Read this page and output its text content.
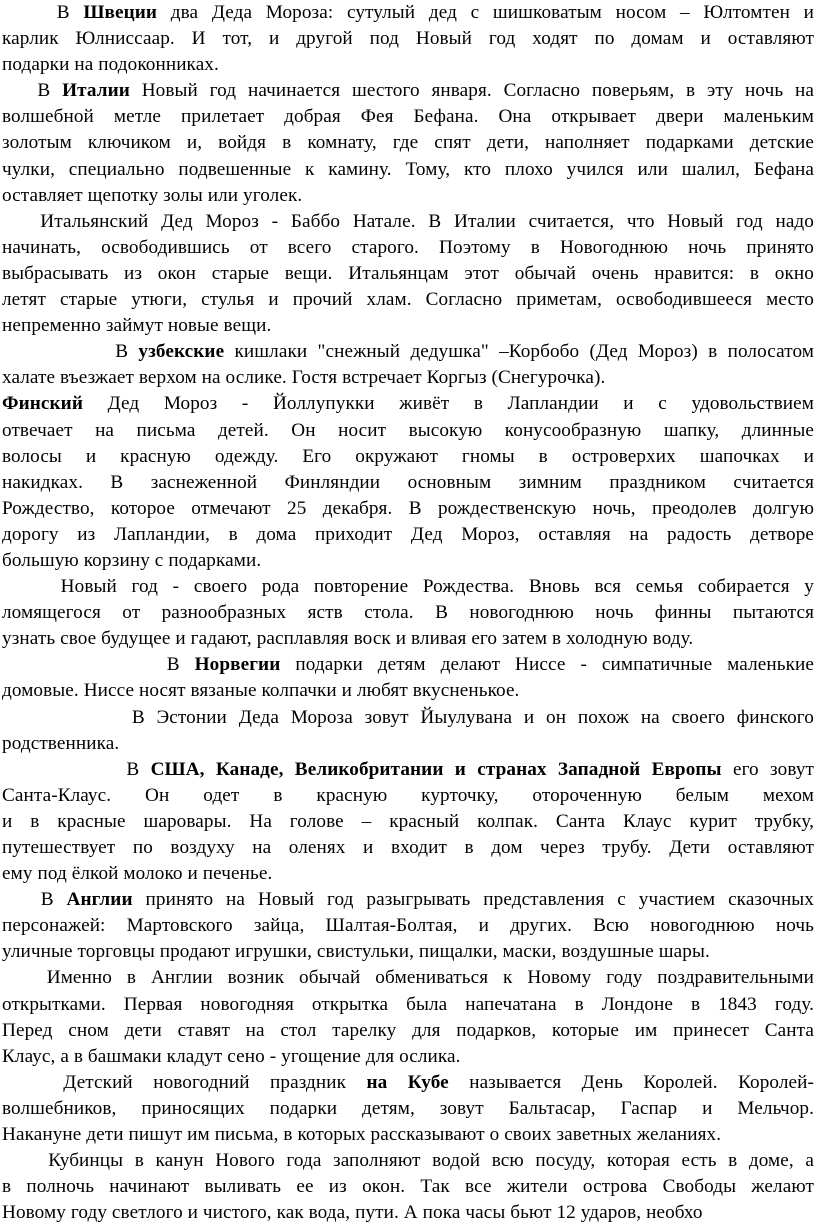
В Швеции два Деда Мороза: сутулый дед с шишковатым носом – Юлтомтен и
карлик Юлниссаар. И тот, и другой под Новый год ходят по домам и оставляют
подарки на подоконниках.
В Италии Новый год начинается шестого января. Согласно поверьям, в эту ночь на
волшебной метле прилетает добрая Фея Бефана. Она открывает двери маленьким
золотым ключиком и, войдя в комнату, где спят дети, наполняет подарками детские
чулки, специально подвешенные к камину. Тому, кто плохо учился или шалил, Бефана
оставляет щепотку золы или уголек.
Итальянский Дед Мороз - Баббо Натале. В Италии считается, что Новый год надо
начинать, освободившись от всего старого. Поэтому в Новогоднюю ночь принято
выбрасывать из окон старые вещи. Итальянцам этот обычай очень нравится: в окно
летят старые утюги, стулья и прочий хлам. Согласно приметам, освободившееся место
непременно займут новые вещи.
В узбекские кишлаки "снежный дедушка" –Корбобо (Дед Мороз) в полосатом
халате въезжает верхом на ослике. Гостя встречает Коргыз (Снегурочка).
Финский Дед Мороз - Йоллупукки живёт в Лапландии и с удовольствием
отвечает на письма детей. Он носит высокую конусообразную шапку, длинные
волосы и красную одежду. Его окружают гномы в островерхих шапочках и
накидках. В заснеженной Финляндии основным зимним праздником считается
Рождество, которое отмечают 25 декабря. В рождественскую ночь, преодолев долгую
дорогу из Лапландии, в дома приходит Дед Мороз, оставляя на радость детворе
большую корзину с подарками.
Новый год - своего рода повторение Рождества. Вновь вся семья собирается у
ломящегося от разнообразных яств стола. В новогоднюю ночь финны пытаются
узнать свое будущее и гадают, расплавляя воск и вливая его затем в холодную воду.
В Норвегии подарки детям делают Ниссе - симпатичные маленькие
домовые. Ниссе носят вязаные колпачки и любят вкусненькое.
В Эстонии Деда Мороза зовут Йыулувана и он похож на своего финского
родственника.
В США, Канаде, Великобритании и странах Западной Европы его зовут
Санта-Клаус. Он одет в красную курточку, отороченную белым мехом
и в красные шаровары. На голове – красный колпак. Санта Клаус курит трубку,
путешествует по воздуху на оленях и входит в дом через трубу. Дети оставляют
ему под ёлкой молоко и печенье.
В Англии принято на Новый год разыгрывать представления с участием сказочных
персонажей: Мартовского зайца, Шалтая-Болтая, и других. Всю новогоднюю ночь
уличные торговцы продают игрушки, свистульки, пищалки, маски, воздушные шары.
Именно в Англии возник обычай обмениваться к Новому году поздравительными
открытками. Первая новогодняя открытка была напечатана в Лондоне в 1843 году.
Перед сном дети ставят на стол тарелку для подарков, которые им принесет Санта
Клаус, а в башмаки кладут сено - угощение для ослика.
Детский новогодний праздник на Кубе называется День Королей. Королей-
волшебников, приносящих подарки детям, зовут Бальтасар, Гаспар и Мельчор.
Накануне дети пишут им письма, в которых рассказывают о своих заветных желаниях.
Кубинцы в канун Нового года заполняют водой всю посуду, которая есть в доме, а
в полночь начинают выливать ее из окон. Так все жители острова Свободы желают
Новому году светлого и чистого, как вода, пути. А пока часы бьют 12 ударов, необхо
